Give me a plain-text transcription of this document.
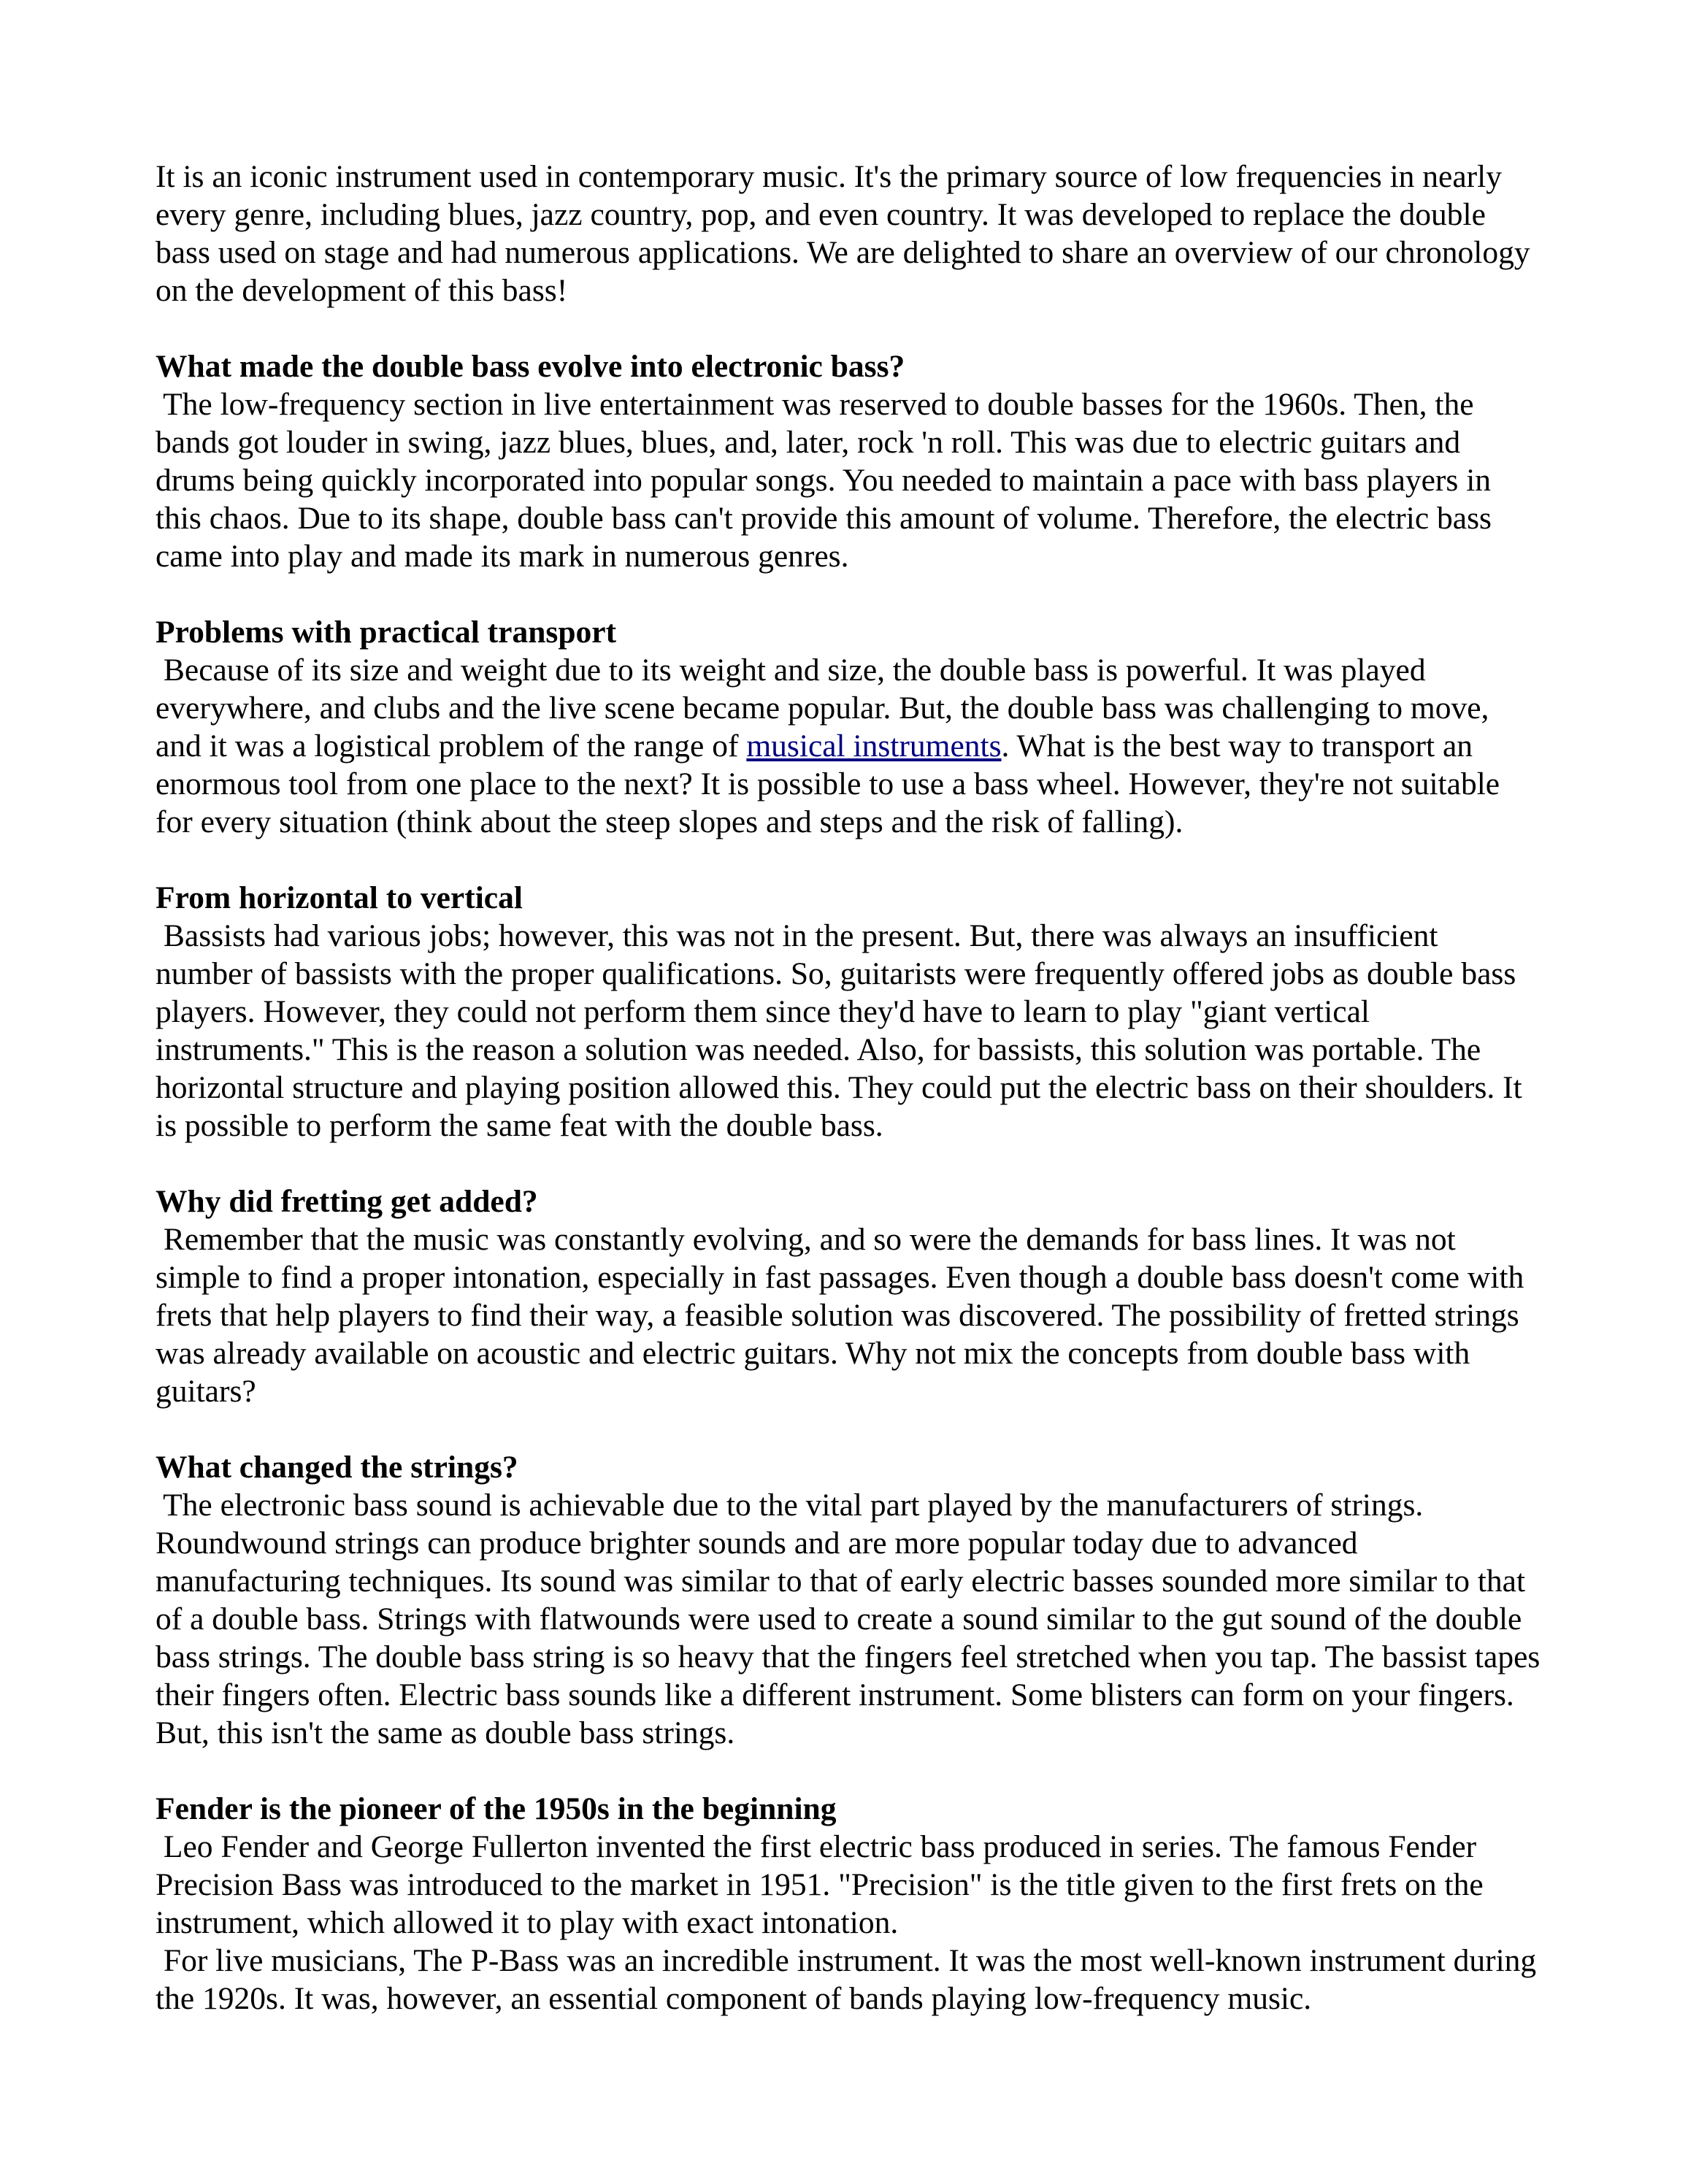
It is an iconic instrument used in contemporary music. It's the primary source of low frequencies in nearly every genre, including blues, jazz country, pop, and even country. It was developed to replace the double bass used on stage and had numerous applications. We are delighted to share an overview of our chronology on the development of this bass!

What made the double bass evolve into electronic bass?

The low-frequency section in live entertainment was reserved to double basses for the 1960s. Then, the bands got louder in swing, jazz blues, blues, and, later, rock 'n roll. This was due to electric guitars and drums being quickly incorporated into popular songs. You needed to maintain a pace with bass players in this chaos. Due to its shape, double bass can't provide this amount of volume. Therefore, the electric bass came into play and made its mark in numerous genres.

Problems with practical transport

Because of its size and weight due to its weight and size, the double bass is powerful. It was played everywhere, and clubs and the live scene became popular. But, the double bass was challenging to move, and it was a logistical problem of the range of musical instruments. What is the best way to transport an enormous tool from one place to the next? It is possible to use a bass wheel. However, they're not suitable for every situation (think about the steep slopes and steps and the risk of falling).

From horizontal to vertical

Bassists had various jobs; however, this was not in the present. But, there was always an insufficient number of bassists with the proper qualifications. So, guitarists were frequently offered jobs as double bass players. However, they could not perform them since they'd have to learn to play "giant vertical instruments." This is the reason a solution was needed. Also, for bassists, this solution was portable. The horizontal structure and playing position allowed this. They could put the electric bass on their shoulders. It is possible to perform the same feat with the double bass.

Why did fretting get added?

Remember that the music was constantly evolving, and so were the demands for bass lines. It was not simple to find a proper intonation, especially in fast passages. Even though a double bass doesn't come with frets that help players to find their way, a feasible solution was discovered. The possibility of fretted strings was already available on acoustic and electric guitars. Why not mix the concepts from double bass with guitars?

What changed the strings?

The electronic bass sound is achievable due to the vital part played by the manufacturers of strings. Roundwound strings can produce brighter sounds and are more popular today due to advanced manufacturing techniques. Its sound was similar to that of early electric basses sounded more similar to that of a double bass. Strings with flatwounds were used to create a sound similar to the gut sound of the double bass strings. The double bass string is so heavy that the fingers feel stretched when you tap. The bassist tapes their fingers often. Electric bass sounds like a different instrument. Some blisters can form on your fingers. But, this isn't the same as double bass strings.

Fender is the pioneer of the 1950s in the beginning

Leo Fender and George Fullerton invented the first electric bass produced in series. The famous Fender Precision Bass was introduced to the market in 1951. "Precision" is the title given to the first frets on the instrument, which allowed it to play with exact intonation.

For live musicians, The P-Bass was an incredible instrument. It was the most well-known instrument during the 1920s. It was, however, an essential component of bands playing low-frequency music.
